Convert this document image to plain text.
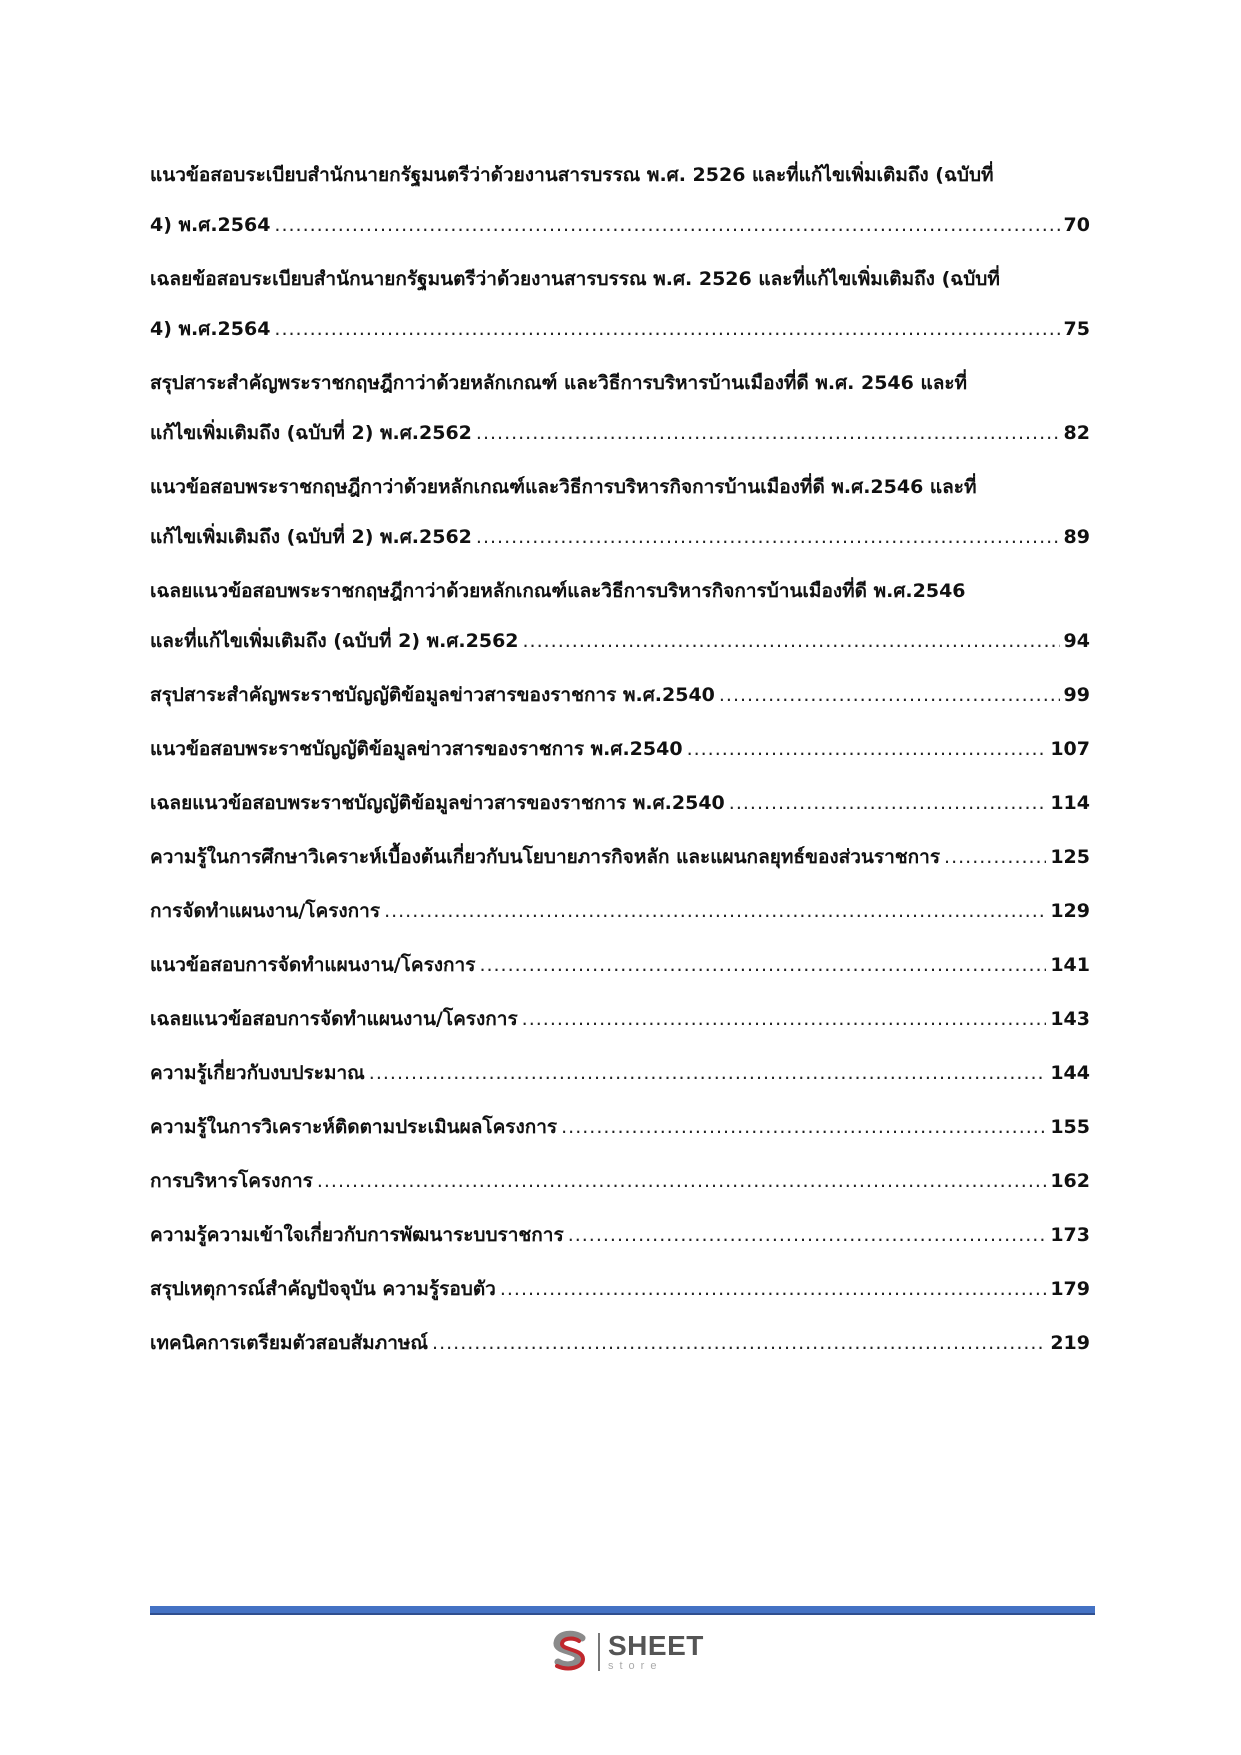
แนวข้อสอบระเบียบสำนักนายกรัฐมนตรีว่าด้วยงานสารบรรณ พ.ศ. 2526 และที่แก้ไขเพิ่มเติมถึง (ฉบับที่
4) พ.ศ.2564 .....	70
เฉลยข้อสอบระเบียบสำนักนายกรัฐมนตรีว่าด้วยงานสารบรรณ พ.ศ. 2526 และที่แก้ไขเพิ่มเติมถึง (ฉบับที่
4) พ.ศ.2564 .....	75
สรุปสาระสำคัญพระราชกฤษฎีกาว่าด้วยหลักเกณฑ์ และวิธีการบริหารบ้านเมืองที่ดี พ.ศ. 2546 และที่
แก้ไขเพิ่มเติมถึง (ฉบับที่ 2) พ.ศ.2562 .....	82
แนวข้อสอบพระราชกฤษฎีกาว่าด้วยหลักเกณฑ์และวิธีการบริหารกิจการบ้านเมืองที่ดี พ.ศ.2546 และที่
แก้ไขเพิ่มเติมถึง (ฉบับที่ 2) พ.ศ.2562 .....	89
เฉลยแนวข้อสอบพระราชกฤษฎีกาว่าด้วยหลักเกณฑ์และวิธีการบริหารกิจการบ้านเมืองที่ดี พ.ศ.2546
และที่แก้ไขเพิ่มเติมถึง (ฉบับที่ 2) พ.ศ.2562 .....	94
สรุปสาระสำคัญพระราชบัญญัติข้อมูลข่าวสารของราชการ พ.ศ.2540 .....	99
แนวข้อสอบพระราชบัญญัติข้อมูลข่าวสารของราชการ พ.ศ.2540 .....	107
เฉลยแนวข้อสอบพระราชบัญญัติข้อมูลข่าวสารของราชการ พ.ศ.2540 .....	114
ความรู้ในการศึกษาวิเคราะห์เบื้องต้นเกี่ยวกับนโยบายภารกิจหลัก และแผนกลยุทธ์ของส่วนราชการ .....	125
การจัดทำแผนงาน/โครงการ .....	129
แนวข้อสอบการจัดทำแผนงาน/โครงการ .....	141
เฉลยแนวข้อสอบการจัดทำแผนงาน/โครงการ .....	143
ความรู้เกี่ยวกับงบประมาณ .....	144
ความรู้ในการวิเคราะห์ติดตามประเมินผลโครงการ .....	155
การบริหารโครงการ .....	162
ความรู้ความเข้าใจเกี่ยวกับการพัฒนาระบบราชการ .....	173
สรุปเหตุการณ์สำคัญปัจจุบัน ความรู้รอบตัว .....	179
เทคนิคการเตรียมตัวสอบสัมภาษณ์ .....	219
SHEET
store
